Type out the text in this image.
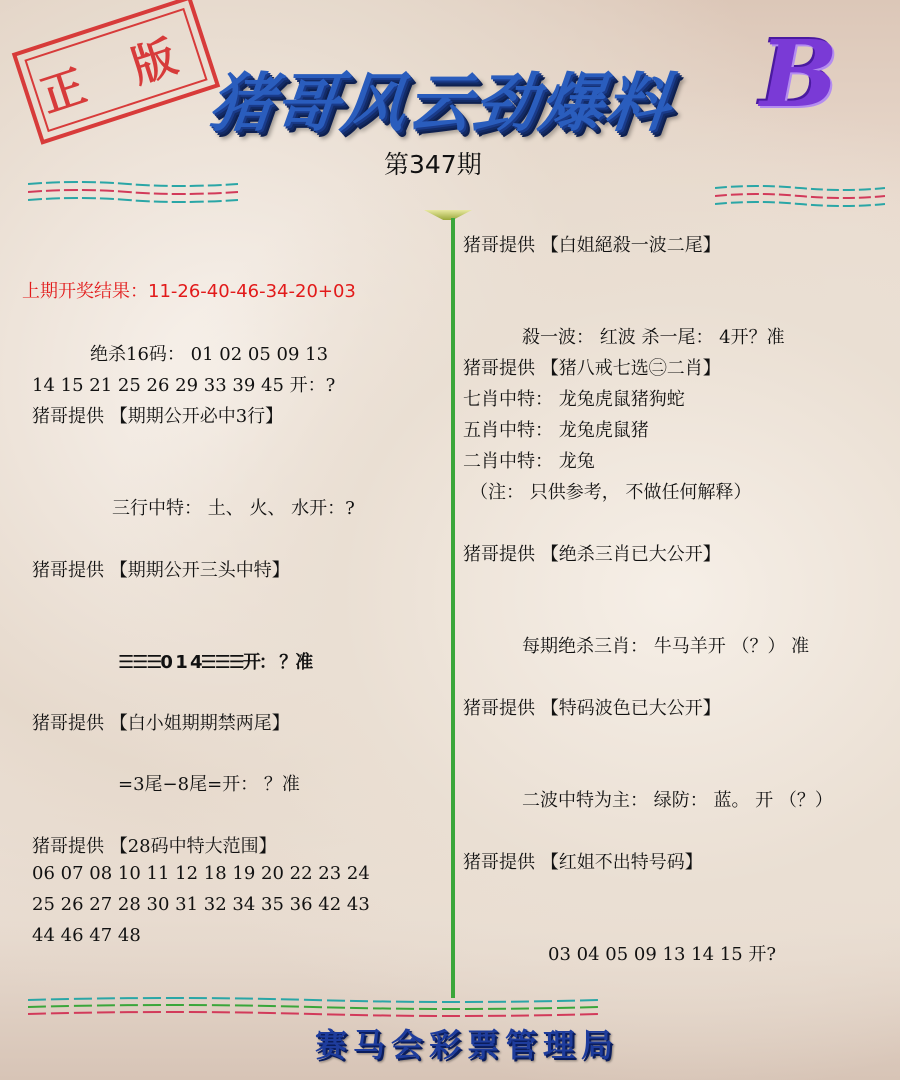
正 版 猪哥风云劲爆料 B
第347期
上期开奖结果：11-26-40-46-34-20+03
绝杀16码： 01 02 05 09 13
14 15 21 25 26 29 33 39 45 开：?
猪哥提供 【期期公开必中3行】
三行中特： 土、 火、 水开：?
猪哥提供 【期期公开三头中特】
☰☰☰0 1 4☰☰☰开： ？准
猪哥提供 【白小姐期期禁两尾】
=3尾−8尾=开： ？准
猪哥提供 【28码中特大范围】
06 07 08 10 11 12 18 19 20 22 23 24
25 26 27 28 30 31 32 34 35 36 42 43
44 46 47 48
猪哥提供 【白姐絕殺一波二尾】
殺一波： 红波 杀一尾： 4开？准
猪哥提供 【猪八戒七选㊁二肖】
七肖中特： 龙兔虎鼠猪狗蛇
五肖中特： 龙兔虎鼠猪
二肖中特： 龙兔
（注： 只供参考， 不做任何解释）
猪哥提供 【绝杀三肖已大公开】
每期绝杀三肖： 牛马羊开 （？） 准
猪哥提供 【特码波色已大公开】
二波中特为主： 绿防： 蓝。 开 （？）
猪哥提供 【红姐不出特号码】
03 04 05 09 13 14 15 开?
赛马会彩票管理局
